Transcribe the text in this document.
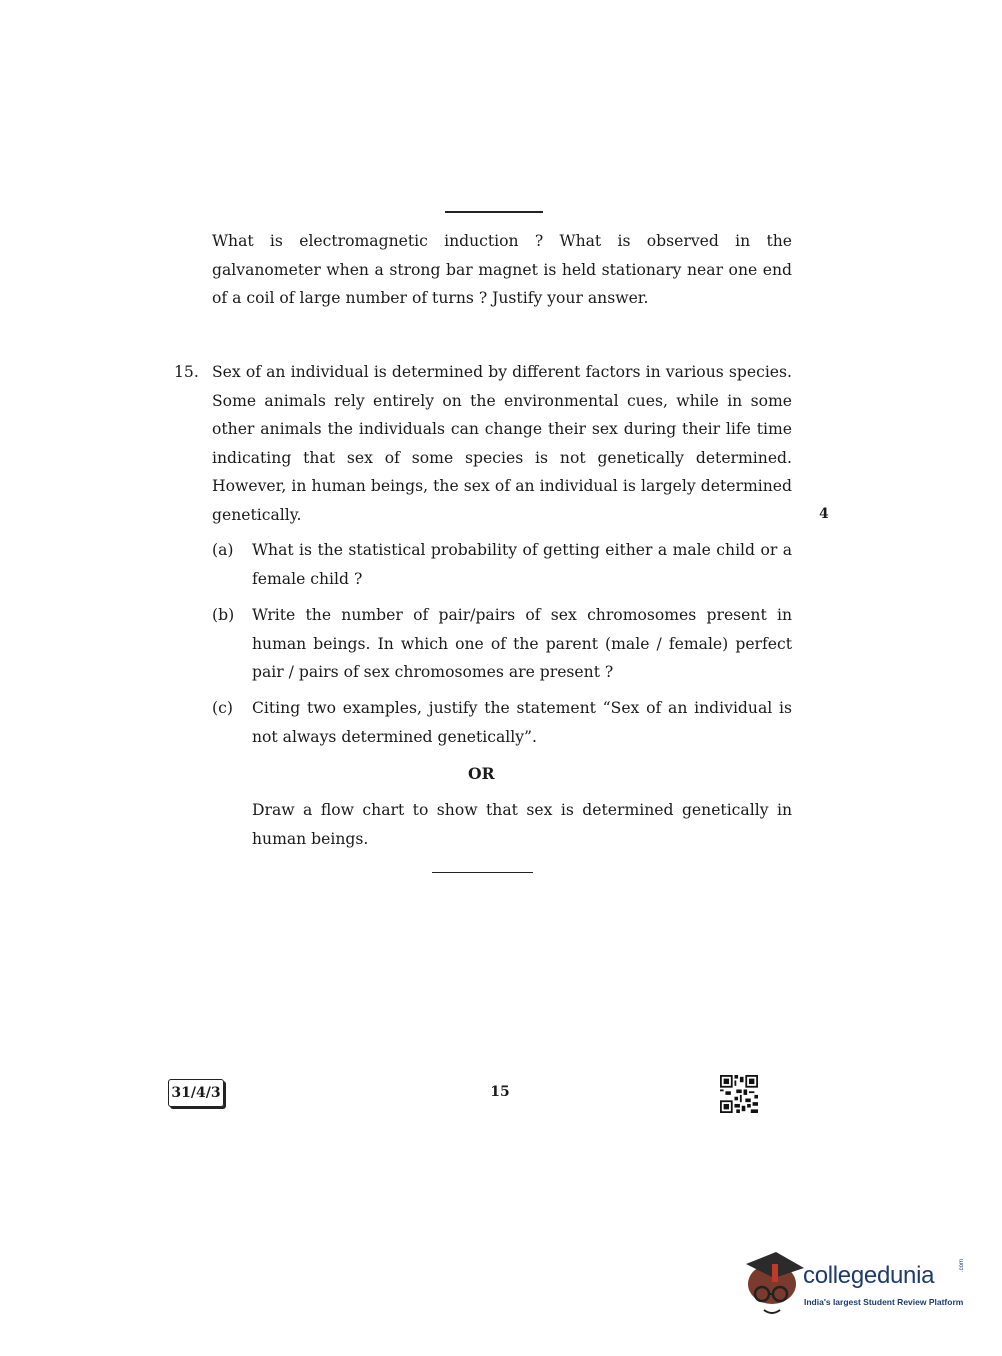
What is electromagnetic induction ? What is observed in the galvanometer when a strong bar magnet is held stationary near one end of a coil of large number of turns ? Justify your answer.
15. Sex of an individual is determined by different factors in various species. Some animals rely entirely on the environmental cues, while in some other animals the individuals can change their sex during their life time indicating that sex of some species is not genetically determined. However, in human beings, the sex of an individual is largely determined genetically.	4
(a) What is the statistical probability of getting either a male child or a female child ?
(b) Write the number of pair/pairs of sex chromosomes present in human beings. In which one of the parent (male / female) perfect pair / pairs of sex chromosomes are present ?
(c) Citing two examples, justify the statement “Sex of an individual is not always determined genetically”.
OR
Draw a flow chart to show that sex is determined genetically in human beings.
31/4/3	15
collegedunia	.com
India's largest Student Review Platform
